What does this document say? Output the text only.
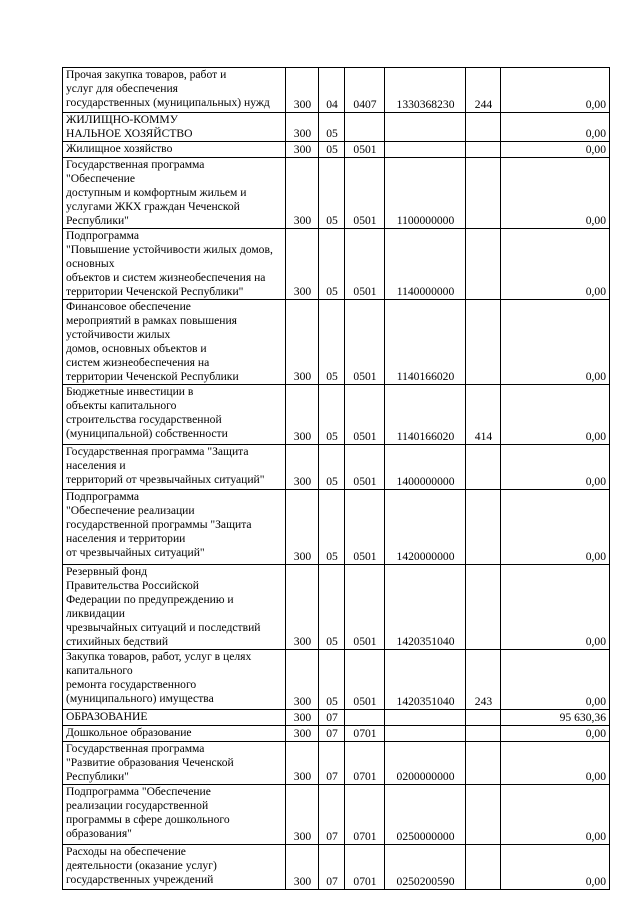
Прочая закупка товаров, работ и
услуг для обеспечения
государственных (муниципальных) нужд	300	04	0407	1330368230	244	0,00

ЖИЛИЩНО-КОММУ
НАЛЬНОЕ ХОЗЯЙСТВО	300	05				0,00

Жилищное хозяйство	300	05	0501			0,00

Государственная программа
"Обеспечение
доступным и комфортным жильем и
услугами ЖКХ граждан Чеченской Республики"	300	05	0501	1100000000		0,00

Подпрограмма
"Повышение устойчивости жилых домов, основных
объектов и систем жизнеобеспечения на
территории Чеченской Республики"	300	05	0501	1140000000		0,00

Финансовое обеспечение
мероприятий в рамках повышения устойчивости жилых
домов, основных объектов и
систем жизнеобеспечения на
территории Чеченской Республики	300	05	0501	1140166020		0,00

Бюджетные инвестиции в
объекты капитального
строительства государственной
(муниципальной) собственности	300	05	0501	1140166020	414	0,00

Государственная программа "Защита
населения и
территорий от чрезвычайных ситуаций"	300	05	0501	1400000000		0,00

Подпрограмма
"Обеспечение реализации
государственной программы "Защита
населения и территории
от чрезвычайных ситуаций"	300	05	0501	1420000000		0,00

Резервный фонд
Правительства Российской
Федерации по предупреждению и ликвидации
чрезвычайных ситуаций и последствий
стихийных бедствий	300	05	0501	1420351040		0,00

Закупка товаров, работ, услуг в целях
капитального
ремонта государственного
(муниципального) имущества	300	05	0501	1420351040	243	0,00

ОБРАЗОВАНИЕ	300	07				95 630,36

Дошкольное образование	300	07	0701			0,00

Государственная программа
"Развитие образования Чеченской Республики"	300	07	0701	0200000000		0,00

Подпрограмма "Обеспечение
реализации государственной
программы в сфере дошкольного
образования"	300	07	0701	0250000000		0,00

Расходы на обеспечение
деятельности (оказание услуг)
государственных учреждений	300	07	0701	0250200590		0,00
